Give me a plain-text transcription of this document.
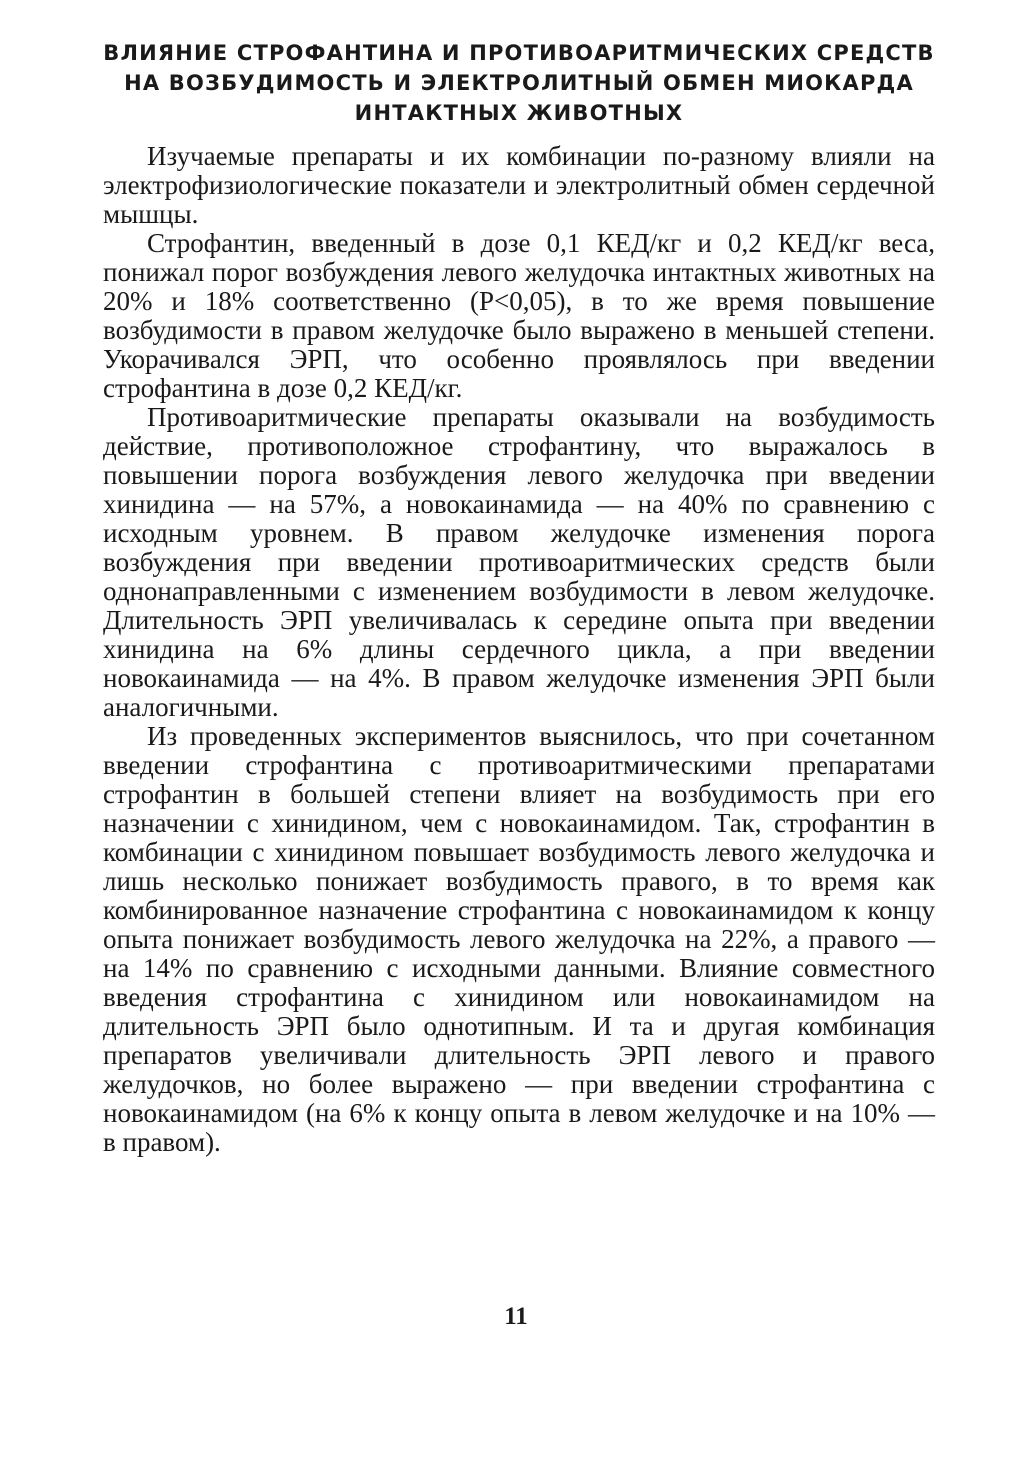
ВЛИЯНИЕ СТРОФАНТИНА И ПРОТИВОАРИТМИЧЕСКИХ СРЕДСТВ
НА ВОЗБУДИМОСТЬ И ЭЛЕКТРОЛИТНЫЙ ОБМЕН МИОКАРДА
ИНТАКТНЫХ ЖИВОТНЫХ

Изучаемые препараты и их комбинации по-разному влияли на электрофизиологические показатели и электролитный обмен сердечной мышцы.

Строфантин, введенный в дозе 0,1 КЕД/кг и 0,2 КЕД/кг веса, понижал порог возбуждения левого желудочка интактных животных на 20% и 18% соответственно (Р<0,05), в то же время повышение возбудимости в правом желудочке было выражено в меньшей степени. Укорачивался ЭРП, что особенно проявлялось при введении строфантина в дозе 0,2 КЕД/кг.

Противоаритмические препараты оказывали на возбудимость действие, противоположное строфантину, что выражалось в повышении порога возбуждения левого желудочка при введении хинидина — на 57%, а новокаинамида — на 40% по сравнению с исходным уровнем. В правом желудочке изменения порога возбуждения при введении противоаритмических средств были однонаправленными с изменением возбудимости в левом желудочке. Длительность ЭРП увеличивалась к середине опыта при введении хинидина на 6% длины сердечного цикла, а при введении новокаинамида — на 4%. В правом желудочке изменения ЭРП были аналогичными.

Из проведенных экспериментов выяснилось, что при сочетанном введении строфантина с противоаритмическими препаратами строфантин в большей степени влияет на возбудимость при его назначении с хинидином, чем с новокаинамидом. Так, строфантин в комбинации с хинидином повышает возбудимость левого желудочка и лишь несколько понижает возбудимость правого, в то время как комбинированное назначение строфантина с новокаинамидом к концу опыта понижает возбудимость левого желудочка на 22%, а правого — на 14% по сравнению с исходными данными. Влияние совместного введения строфантина с хинидином или новокаинамидом на длительность ЭРП было однотипным. И та и другая комбинация препаратов увеличивали длительность ЭРП левого и правого желудочков, но более выражено — при введении строфантина с новокаинамидом (на 6% к концу опыта в левом желудочке и на 10% — в правом).

11
